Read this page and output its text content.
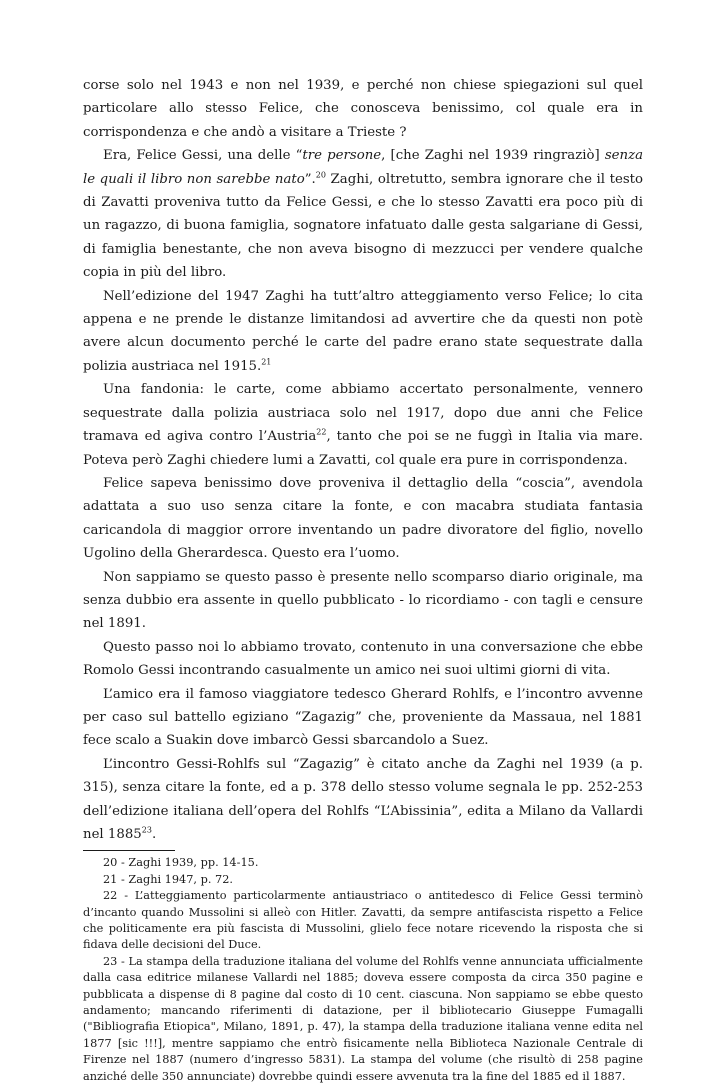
corse solo nel 1943 e non nel 1939, e perché non chiese spiegazioni sul quel particolare allo stesso Felice, che conosceva benissimo, col quale era in corrispondenza e che andò a visitare a Trieste ?

Era, Felice Gessi, una delle “tre persone, [che Zaghi nel 1939 ringraziò] senza le quali il libro non sarebbe nato”.$^{20}$ Zaghi, oltretutto, sembra ignorare che il testo di Zavatti proveniva tutto da Felice Gessi, e che lo stesso Zavatti era poco più di un ragazzo, di buona famiglia, sognatore infatuato dalle gesta salgariane di Gessi, di famiglia benestante, che non aveva bisogno di mezzucci per vendere qualche copia in più del libro.

Nell’edizione del 1947 Zaghi ha tutt’altro atteggiamento verso Felice; lo cita appena e ne prende le distanze limitandosi ad avvertire che da questi non potè avere alcun documento perché le carte del padre erano state sequestrate dalla polizia austriaca nel 1915.21

Una fandonia: le carte, come abbiamo accertato personalmente, vennero sequestrate dalla polizia austriaca solo nel 1917, dopo due anni che Felice tramava ed agiva contro l’Austria$^{22}$, tanto che poi se ne fuggì in Italia via mare. Poteva però Zaghi chiedere lumi a Zavatti, col quale era pure in corrispondenza.

Felice sapeva benissimo dove proveniva il dettaglio della “coscia”, avendola adattata a suo uso senza citare la fonte, e con macabra studiata fantasia caricandola di maggior orrore inventando un padre divoratore del figlio, novello Ugolino della Gherardesca. Questo era l’uomo.

Non sappiamo se questo passo è presente nello scomparso diario originale, ma senza dubbio era assente in quello pubblicato - lo ricordiamo - con tagli e censure nel 1891.

Questo passo noi lo abbiamo trovato, contenuto in una conversazione che ebbe Romolo Gessi incontrando casualmente un amico nei suoi ultimi giorni di vita.

L’amico era il famoso viaggiatore tedesco Gherard Rohlfs, e l’incontro avvenne per caso sul battello egiziano “Zagazig” che, proveniente da Massaua, nel 1881 fece scalo a Suakin dove imbarcò Gessi sbarcandolo a Suez.

L’incontro Gessi-Rohlfs sul “Zagazig” è citato anche da Zaghi nel 1939 (a p. 315), senza citare la fonte, ed a p. 378 dello stesso volume segnala le pp. 252-253 dell’edizione italiana dell’opera del Rohlfs “L’Abissinia”, edita a Milano da Vallardi nel 1885$^{23}$.

20 - Zaghi 1939, pp. 14-15.

21 - Zaghi 1947, p. 72.

22 - L’atteggiamento particolarmente antiaustriaco o antitedesco di Felice Gessi terminò d’incanto quando Mussolini si alleò con Hitler. Zavatti, da sempre antifascista rispetto a Felice che politicamente era più fascista di Mussolini, glielo fece notare ricevendo la risposta che si fidava delle decisioni del Duce.

23 - La stampa della traduzione italiana del volume del Rohlfs venne annunciata ufficialmente dalla casa editrice milanese Vallardi nel 1885; doveva essere composta da circa 350 pagine e pubblicata a dispense di 8 pagine dal costo di 10 cent. ciascuna. Non sappiamo se ebbe questo andamento; mancando riferimenti di datazione, per il bibliotecario Giuseppe Fumagalli ("Bibliografia Etiopica", Milano, 1891, p. 47), la stampa della traduzione italiana venne edita nel 1877 [sic !!!], mentre sappiamo che entrò fisicamente nella Biblioteca Nazionale Centrale di Firenze nel 1887 (numero d’ingresso 5831). La stampa del volume (che risultò di 258 pagine anziché delle 350 annunciate) dovrebbe quindi essere avvenuta tra la fine del 1885 ed il 1887.
